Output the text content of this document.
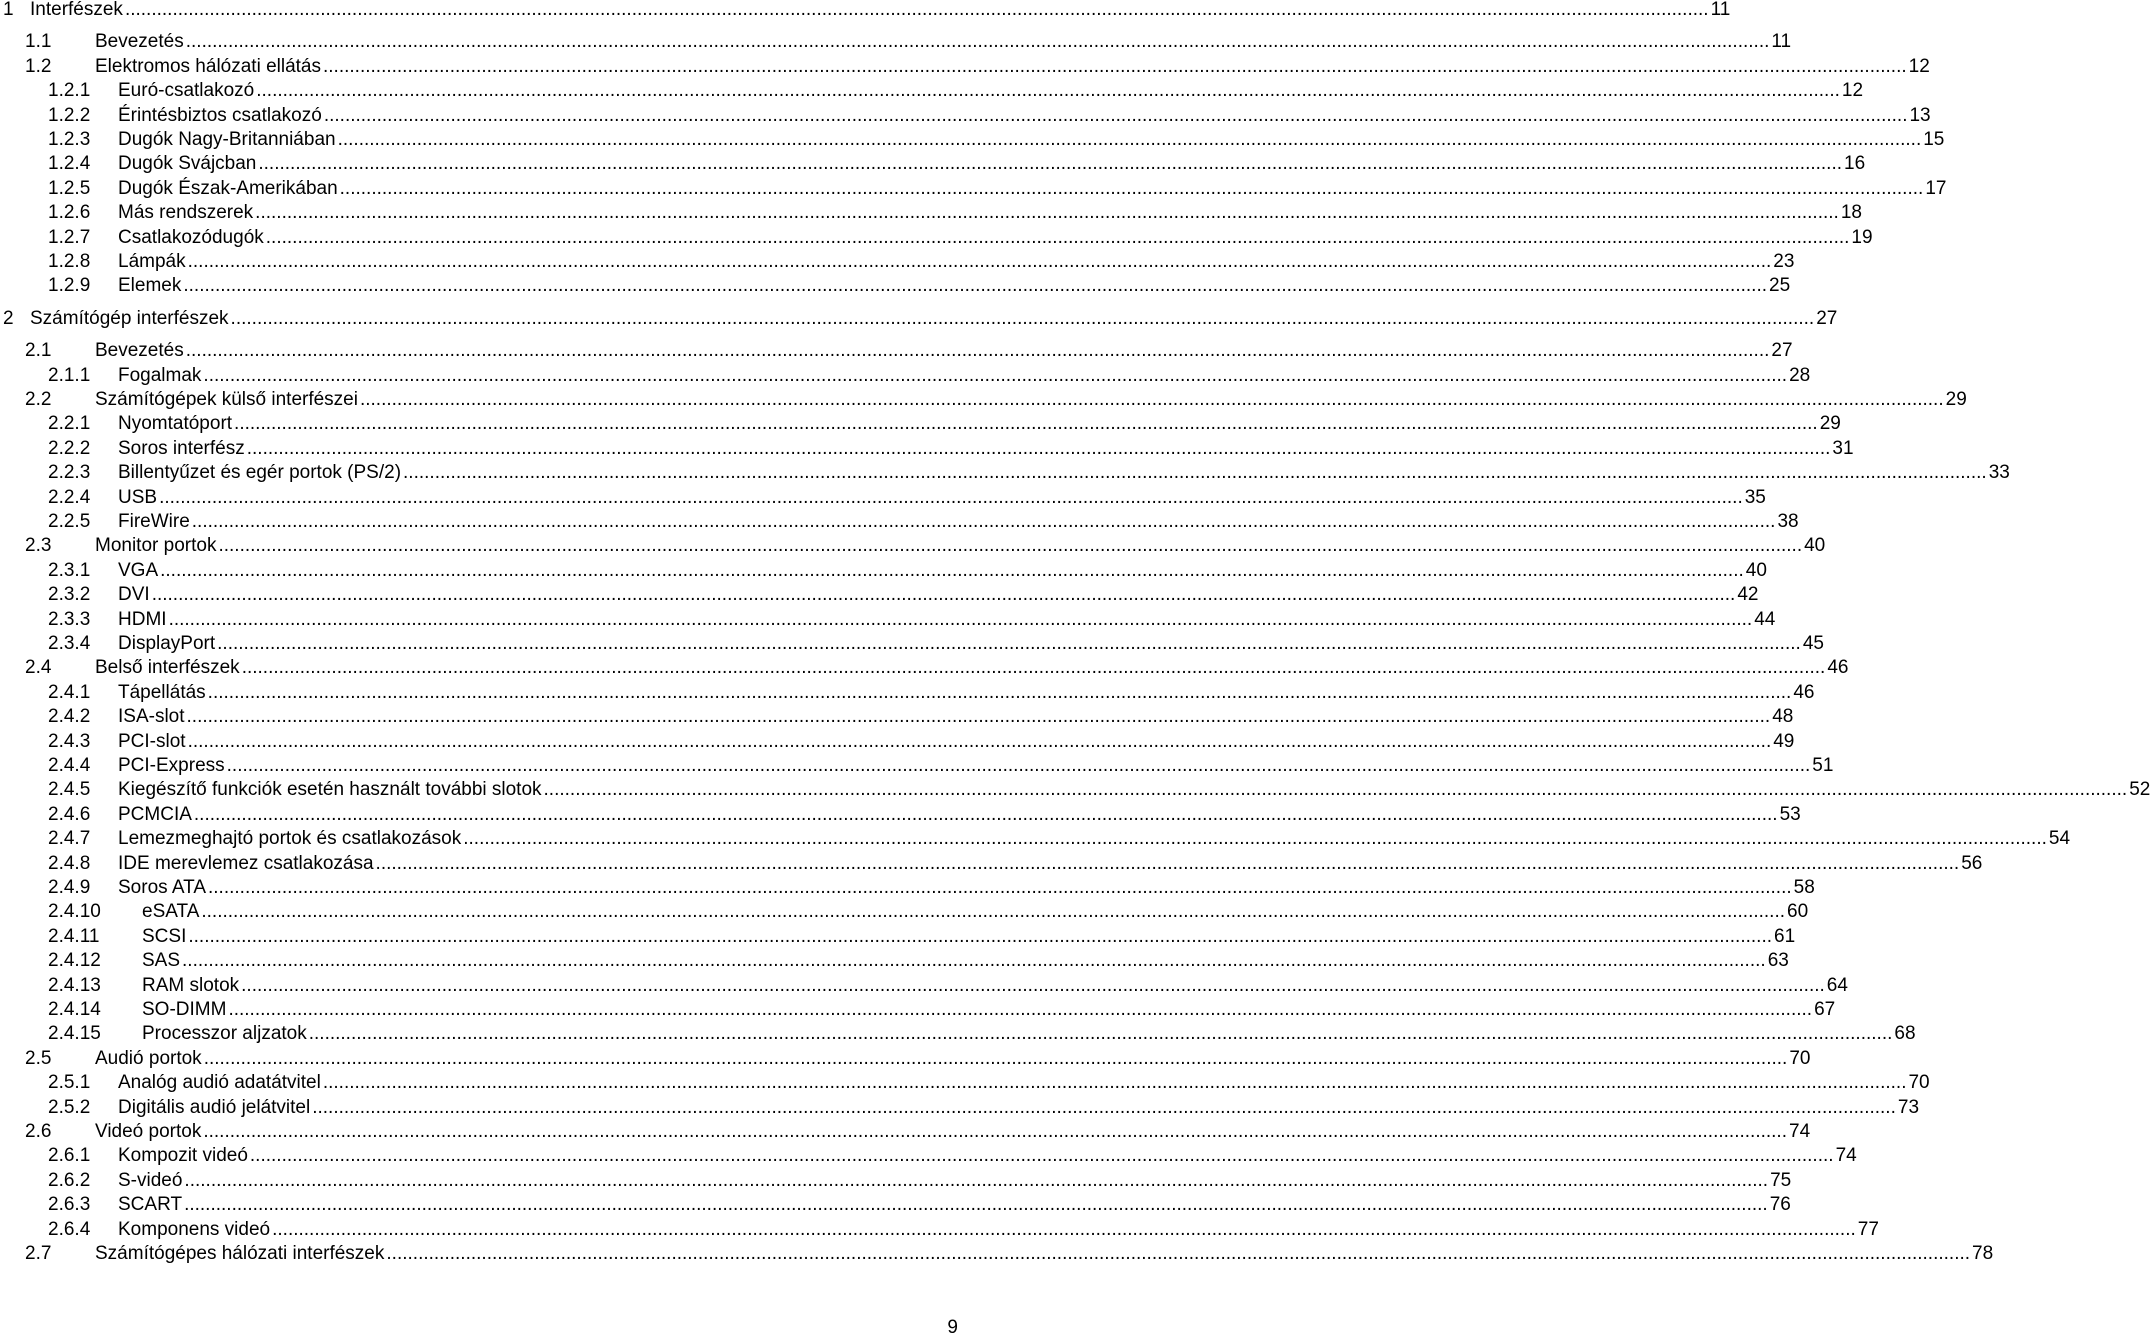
1 Interfészek ............................................................................................................................................................................................................................................................................................................ 11
1.1	Bevezetés ............................................................................................................................................................................................................................................................................................................ 11
1.2	Elektromos hálózati ellátás ............................................................................................................................................................................................................................................................................................................ 12
1.2.1	Euró-csatlakozó ............................................................................................................................................................................................................................................................................................................ 12
1.2.2	Érintésbiztos csatlakozó ............................................................................................................................................................................................................................................................................................................ 13
1.2.3	Dugók Nagy-Britanniában ............................................................................................................................................................................................................................................................................................................ 15
1.2.4	Dugók Svájcban ............................................................................................................................................................................................................................................................................................................ 16
1.2.5	Dugók Észak-Amerikában ............................................................................................................................................................................................................................................................................................................ 17
1.2.6	Más rendszerek ............................................................................................................................................................................................................................................................................................................ 18
1.2.7	Csatlakozódugók ............................................................................................................................................................................................................................................................................................................ 19
1.2.8	Lámpák ............................................................................................................................................................................................................................................................................................................ 23
1.2.9	Elemek ............................................................................................................................................................................................................................................................................................................ 25
2 Számítógép interfészek ............................................................................................................................................................................................................................................................................................................ 27
2.1	Bevezetés ............................................................................................................................................................................................................................................................................................................ 27
2.1.1	Fogalmak ............................................................................................................................................................................................................................................................................................................ 28
2.2	Számítógépek külső interfészei ............................................................................................................................................................................................................................................................................................................ 29
2.2.1	Nyomtatóport ............................................................................................................................................................................................................................................................................................................ 29
2.2.2	Soros interfész ............................................................................................................................................................................................................................................................................................................ 31
2.2.3	Billentyűzet és egér portok (PS/2) ............................................................................................................................................................................................................................................................................................................ 33
2.2.4	USB ............................................................................................................................................................................................................................................................................................................ 35
2.2.5	FireWire ............................................................................................................................................................................................................................................................................................................ 38
2.3	Monitor portok ............................................................................................................................................................................................................................................................................................................ 40
2.3.1	VGA ............................................................................................................................................................................................................................................................................................................ 40
2.3.2	DVI ............................................................................................................................................................................................................................................................................................................ 42
2.3.3	HDMI ............................................................................................................................................................................................................................................................................................................ 44
2.3.4	DisplayPort ............................................................................................................................................................................................................................................................................................................ 45
2.4	Belső interfészek ............................................................................................................................................................................................................................................................................................................ 46
2.4.1	Tápellátás ............................................................................................................................................................................................................................................................................................................ 46
2.4.2	ISA-slot ............................................................................................................................................................................................................................................................................................................ 48
2.4.3	PCI-slot ............................................................................................................................................................................................................................................................................................................ 49
2.4.4	PCI-Express ............................................................................................................................................................................................................................................................................................................ 51
2.4.5	Kiegészítő funkciók esetén használt további slotok ............................................................................................................................................................................................................................................................................................................ 52
2.4.6	PCMCIA ............................................................................................................................................................................................................................................................................................................ 53
2.4.7	Lemezmeghajtó portok és csatlakozások ............................................................................................................................................................................................................................................................................................................ 54
2.4.8	IDE merevlemez csatlakozása ............................................................................................................................................................................................................................................................................................................ 56
2.4.9	Soros ATA ............................................................................................................................................................................................................................................................................................................ 58
2.4.10	eSATA ............................................................................................................................................................................................................................................................................................................ 60
2.4.11	SCSI ............................................................................................................................................................................................................................................................................................................ 61
2.4.12	SAS ............................................................................................................................................................................................................................................................................................................ 63
2.4.13	RAM slotok ............................................................................................................................................................................................................................................................................................................ 64
2.4.14	SO-DIMM ............................................................................................................................................................................................................................................................................................................ 67
2.4.15	Processzor aljzatok ............................................................................................................................................................................................................................................................................................................ 68
2.5	Audió portok ............................................................................................................................................................................................................................................................................................................ 70
2.5.1	Analóg audió adatátvitel ............................................................................................................................................................................................................................................................................................................ 70
2.5.2	Digitális audió jelátvitel ............................................................................................................................................................................................................................................................................................................ 73
2.6	Videó portok ............................................................................................................................................................................................................................................................................................................ 74
2.6.1	Kompozit videó ............................................................................................................................................................................................................................................................................................................ 74
2.6.2	S-videó ............................................................................................................................................................................................................................................................................................................ 75
2.6.3	SCART ............................................................................................................................................................................................................................................................................................................ 76
2.6.4	Komponens videó ............................................................................................................................................................................................................................................................................................................ 77
2.7	Számítógépes hálózati interfészek ............................................................................................................................................................................................................................................................................................................ 78
9
